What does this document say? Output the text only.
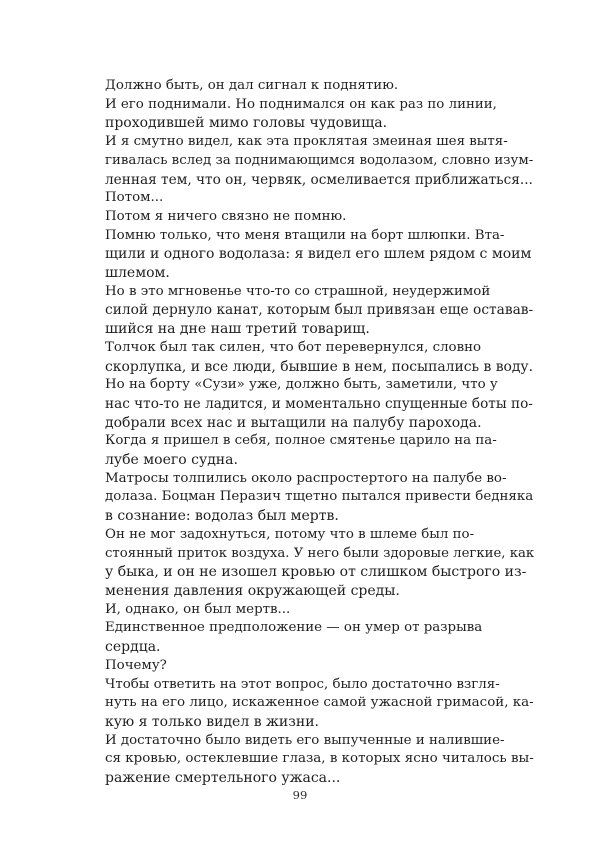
Должно быть, он дал сигнал к поднятию.

И его поднимали. Но поднимался он как раз по линии,
проходившей мимо головы чудовища.

И я смутно видел, как эта проклятая змеиная шея вытя-
гивалась вслед за поднимающимся водолазом, словно изум-
ленная тем, что он, червяк, осмеливается приближаться...

Потом...

Потом я ничего связно не помню.

Помню только, что меня втащили на борт шлюпки. Вта-
щили и одного водолаза: я видел его шлем рядом с моим
шлемом.

Но в это мгновенье что-то со страшной, неудержимой
силой дернуло канат, которым был привязан еще оставав-
шийся на дне наш третий товарищ.

Толчок был так силен, что бот перевернулся, словно
скорлупка, и все люди, бывшие в нем, посыпались в воду.

Но на борту «Сузи» уже, должно быть, заметили, что у
нас что-то не ладится, и моментально спущенные боты по-
добрали всех нас и вытащили на палубу парохода.

Когда я пришел в себя, полное смятенье царило на па-
лубе моего судна.

Матросы толпились около распростертого на палубе во-
долаза. Боцман Перазич тщетно пытался привести бедняка
в сознание: водолаз был мертв.

Он не мог задохнуться, потому что в шлеме был по-
стоянный приток воздуха. У него были здоровые легкие, как
у быка, и он не изошел кровью от слишком быстрого из-
менения давления окружающей среды.

И, однако, он был мертв...

Единственное предположение — он умер от разрыва
сердца.

Почему?

Чтобы ответить на этот вопрос, было достаточно взгля-
нуть на его лицо, искаженное самой ужасной гримасой, ка-
кую я только видел в жизни.

И достаточно было видеть его выпученные и налившие-
ся кровью, остеклевшие глаза, в которых ясно читалось вы-
ражение смертельного ужаса...

99
